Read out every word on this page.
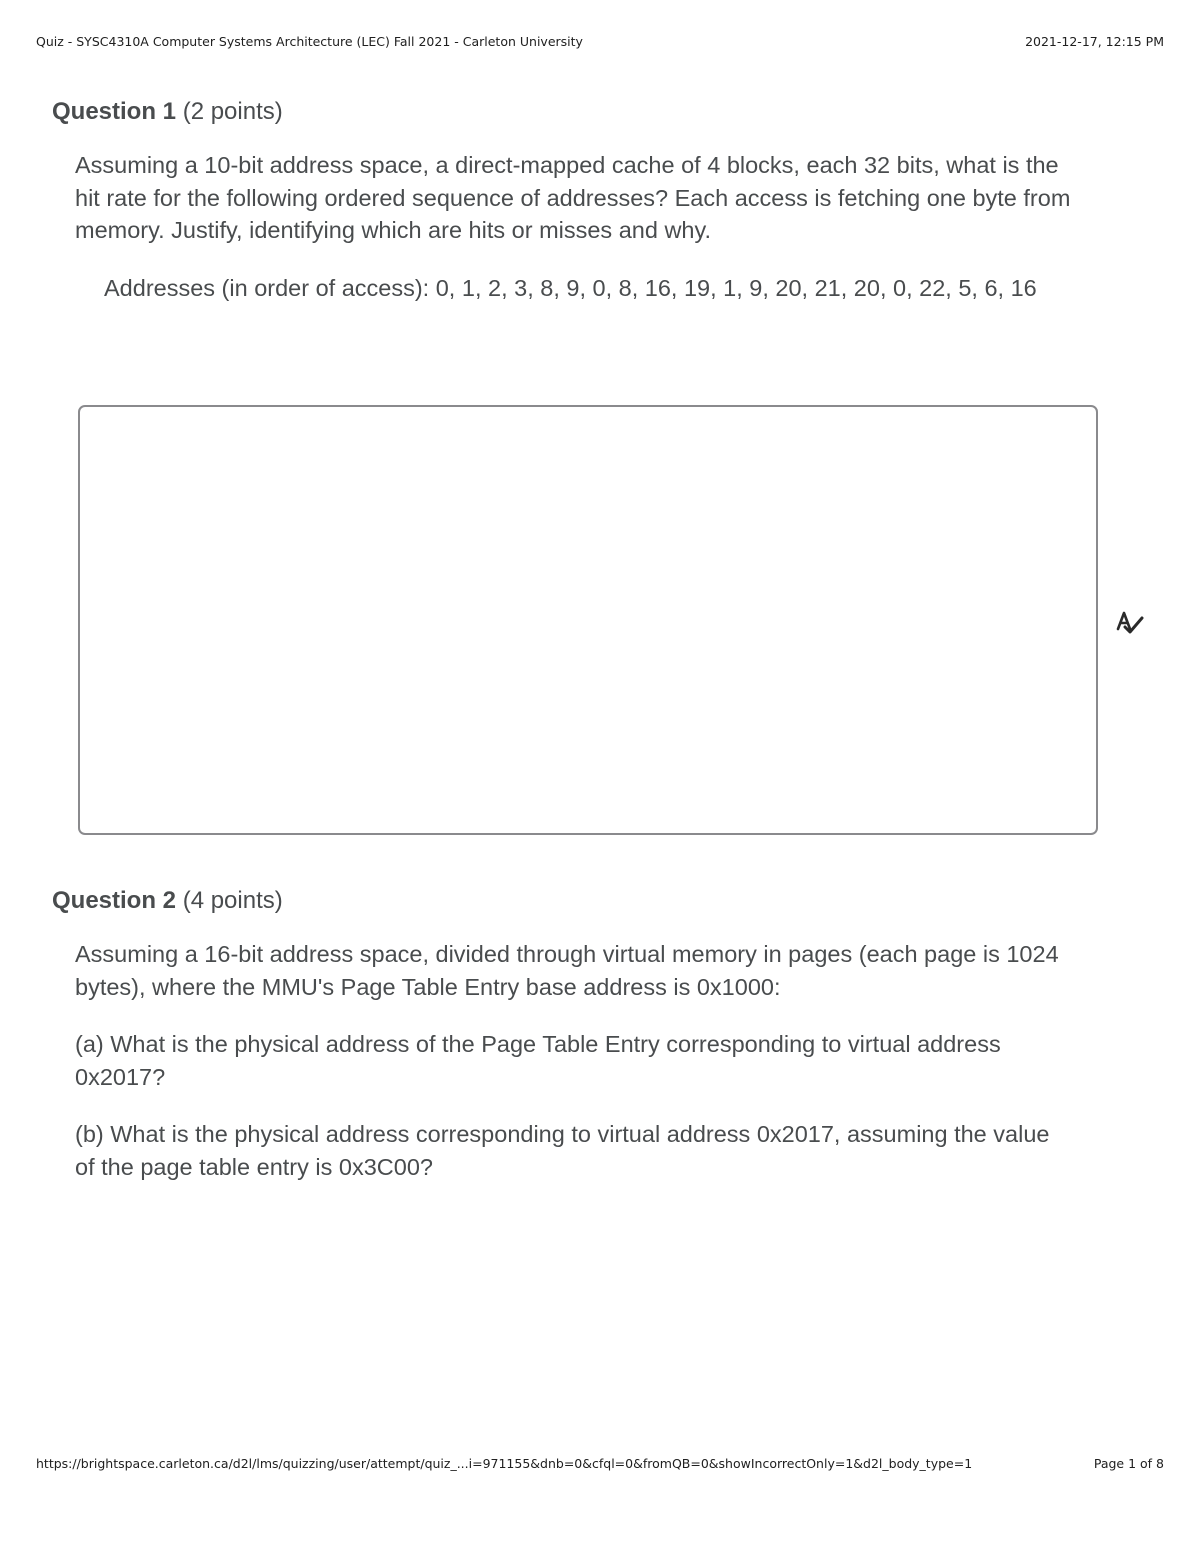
Quiz - SYSC4310A Computer Systems Architecture (LEC) Fall 2021 - Carleton University	2021-12-17, 12:15 PM
Question 1 (2 points)

Assuming a 10-bit address space, a direct-mapped cache of 4 blocks, each 32 bits, what is the hit rate for the following ordered sequence of addresses? Each access is fetching one byte from memory. Justify, identifying which are hits or misses and why.

Addresses (in order of access): 0, 1, 2, 3, 8, 9, 0, 8, 16, 19, 1, 9, 20, 21, 20, 0, 22, 5, 6, 16

Question 2 (4 points)

Assuming a 16-bit address space, divided through virtual memory in pages (each page is 1024 bytes), where the MMU's Page Table Entry base address is 0x1000:

(a) What is the physical address of the Page Table Entry corresponding to virtual address 0x2017?

(b) What is the physical address corresponding to virtual address 0x2017, assuming the value of the page table entry is 0x3C00?

https://brightspace.carleton.ca/d2l/lms/quizzing/user/attempt/quiz_...i=971155&dnb=0&cfql=0&fromQB=0&showIncorrectOnly=1&d2l_body_type=1	Page 1 of 8
